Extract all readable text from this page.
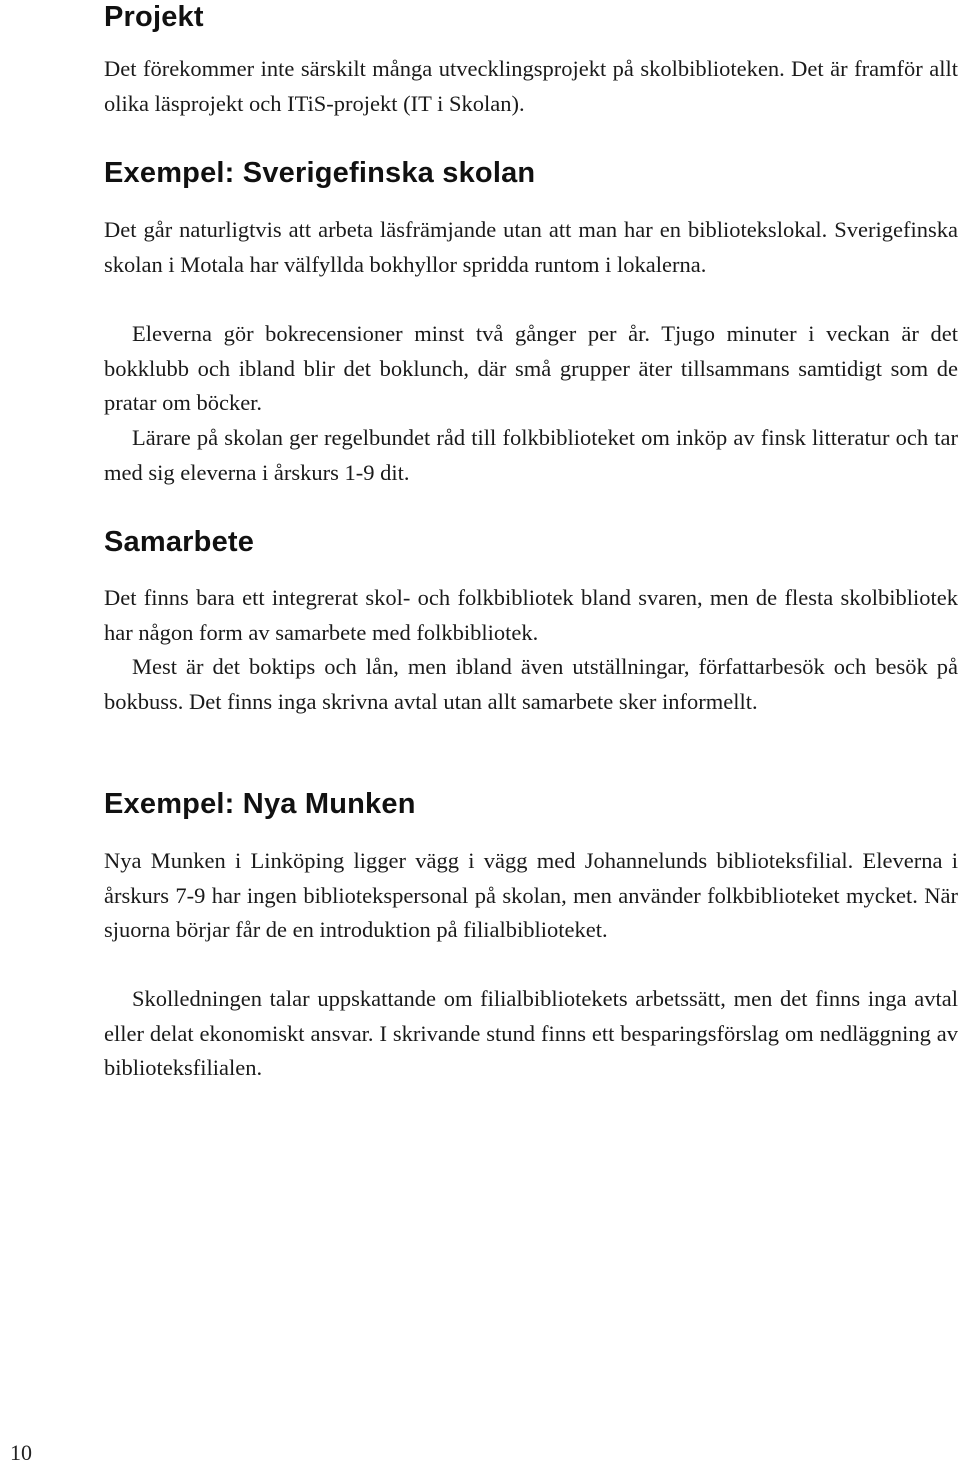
Projekt

Det förekommer inte särskilt många utvecklingsprojekt på skolbiblioteken. Det är framför allt olika läsprojekt och ITiS-projekt (IT i Skolan).

Exempel: Sverigefinska skolan

Det går naturligtvis att arbeta läsfrämjande utan att man har en bibliotekslokal. Sverigefinska skolan i Motala har välfyllda bokhyllor spridda runtom i lokalerna.

Eleverna gör bokrecensioner minst två gånger per år. Tjugo minuter i veckan är det bokklubb och ibland blir det boklunch, där små grupper äter tillsammans samtidigt som de pratar om böcker.

Lärare på skolan ger regelbundet råd till folkbiblioteket om inköp av finsk litteratur och tar med sig eleverna i årskurs 1-9 dit.

Samarbete

Det finns bara ett integrerat skol- och folkbibliotek bland svaren, men de flesta skolbibliotek har någon form av samarbete med folkbibliotek.

Mest är det boktips och lån, men ibland även utställningar, författarbesök och besök på bokbuss. Det finns inga skrivna avtal utan allt samarbete sker informellt.

Exempel: Nya Munken

Nya Munken i Linköping ligger vägg i vägg med Johannelunds biblioteksfilial. Eleverna i årskurs 7-9 har ingen bibliotekspersonal på skolan, men använder folkbiblioteket mycket. När sjuorna börjar får de en introduktion på filialbiblioteket.

Skolledningen talar uppskattande om filialbibliotekets arbetssätt, men det finns inga avtal eller delat ekonomiskt ansvar. I skrivande stund finns ett besparingsförslag om nedläggning av biblioteksfilialen.

10
